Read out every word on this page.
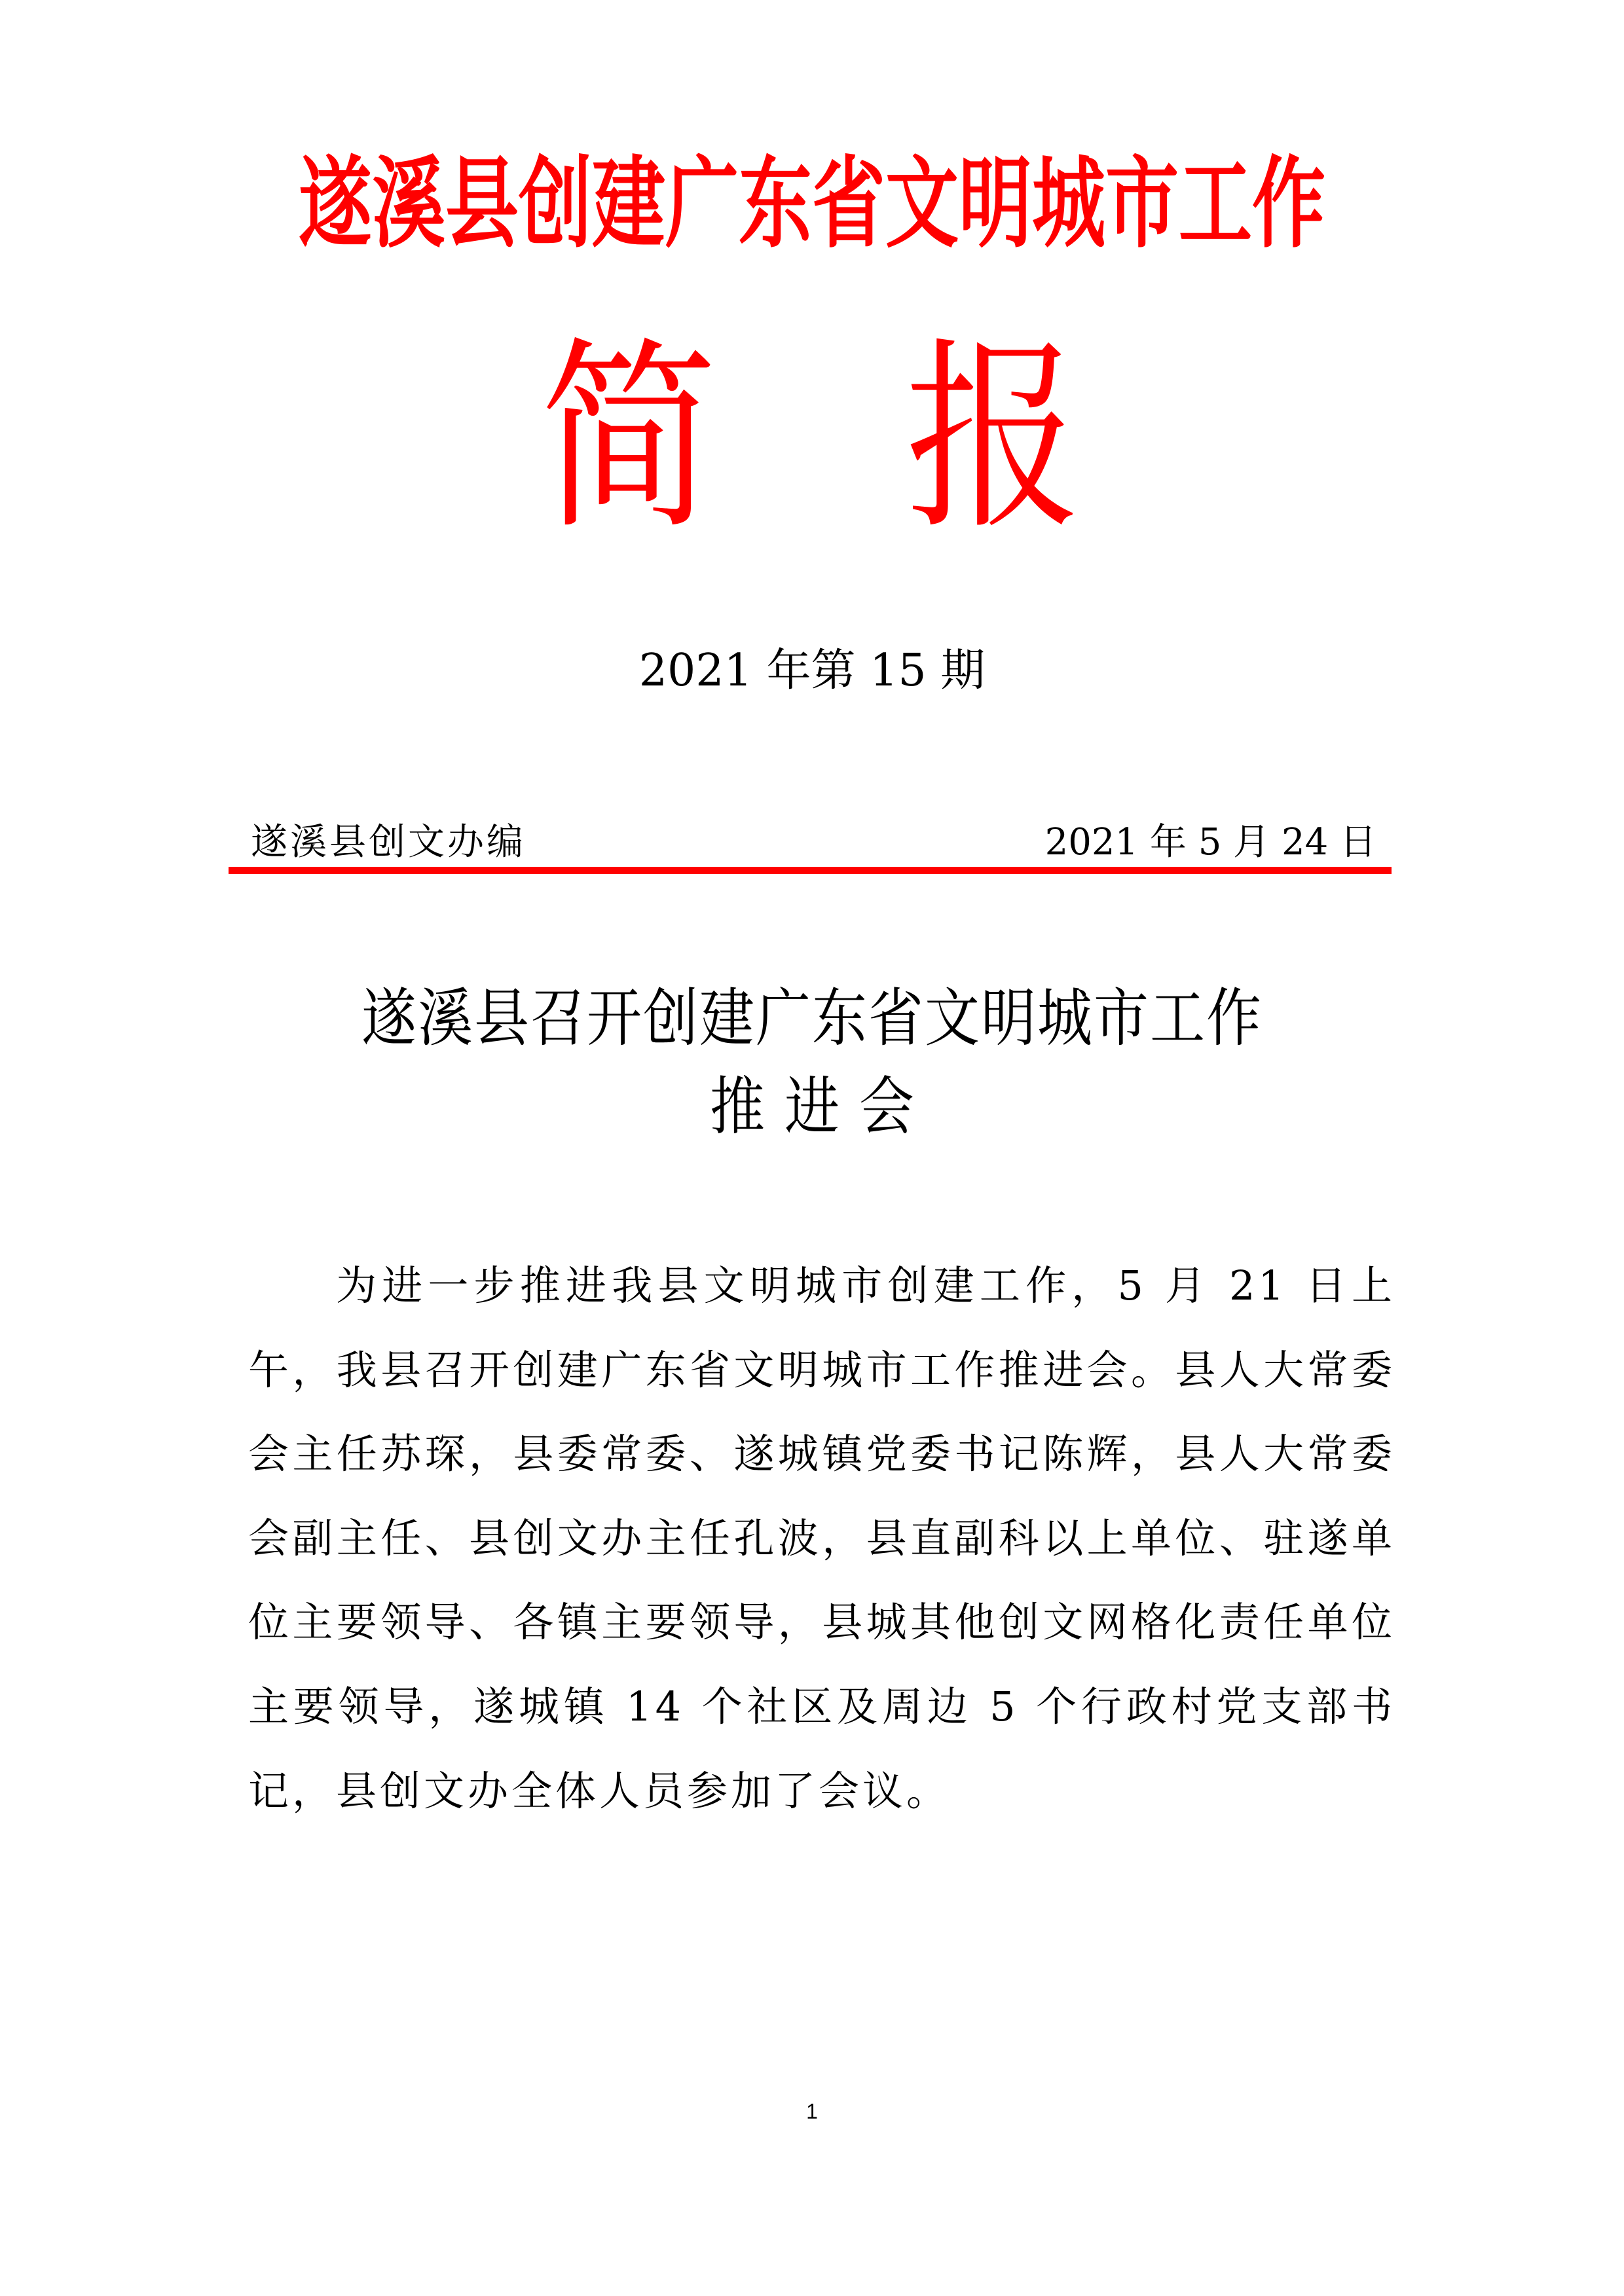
遂溪县创建广东省文明城市工作
简 报
2021 年第 15 期
遂溪县创文办编	2021 年 5 月 24 日
遂溪县召开创建广东省文明城市工作
推进会
为进一步推进我县文明城市创建工作，5 月 21 日上午，我县召开创建广东省文明城市工作推进会。县人大常委会主任苏琛，县委常委、遂城镇党委书记陈辉，县人大常委会副主任、县创文办主任孔波，县直副科以上单位、驻遂单位主要领导、各镇主要领导，县城其他创文网格化责任单位主要领导，遂城镇 14 个社区及周边 5 个行政村党支部书记，县创文办全体人员参加了会议。
1
